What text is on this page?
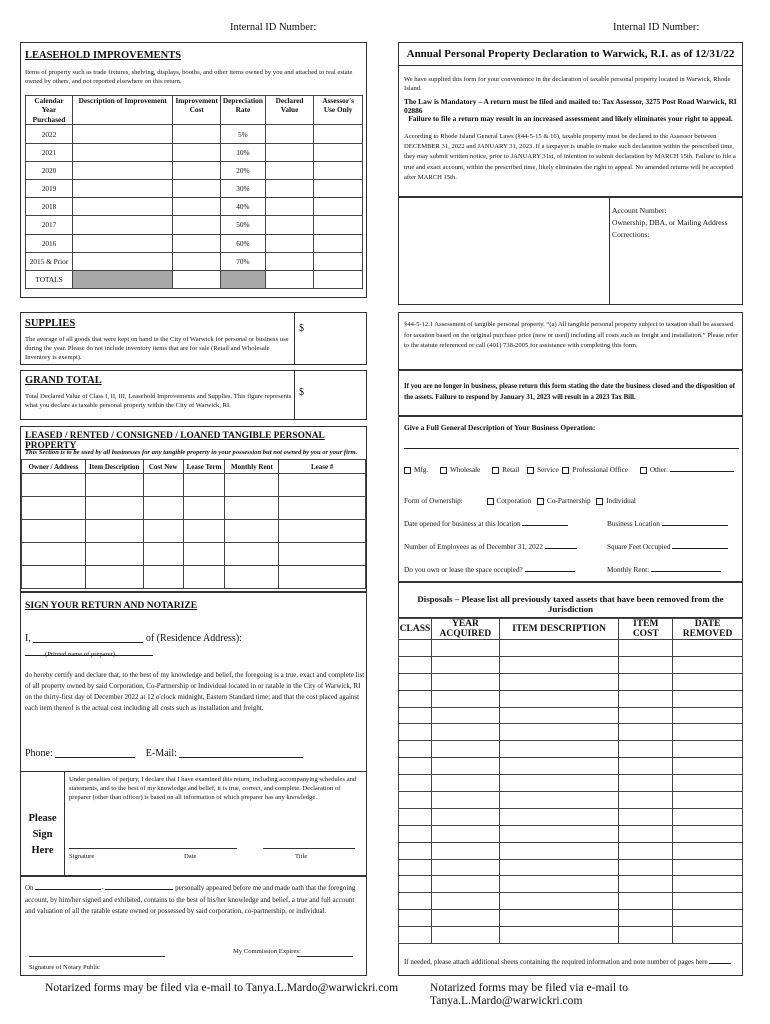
Internal ID Number:	Internal ID Number:
LEASEHOLD IMPROVEMENTS
Items of property such as trade fixtures, shelving, displays, booths, and other items owned by you and attached to real estate owned by others, and not reported elsewhere on this return.
Calendar Year Purchased	Description of Improvement	Improvement Cost	Depreciation Rate	Declared Value	Assessor's Use Only
2022			5%		
2021			10%		
2020			20%		
2019			30%		
2018			40%		
2017			50%		
2016			60%		
2015 & Prior			70%		
TOTALS					
SUPPLIES
The average of all goods that were kept on hand in the City of Warwick for personal or business use during the year. Please do not include inventory items that are for sale (Retail and Wholesale Inventory is exempt).
$
GRAND TOTAL
Total Declared Value of Class I, II, III, Leasehold Improvements and Supplies. This figure represents what you declare as taxable personal property within the City of Warwick, RI.
$
LEASED / RENTED / CONSIGNED / LOANED TANGIBLE PERSONAL PROPERTY
This Section is to be used by all businesses for any tangible property in your possession but not owned by you or your firm.
Owner / Address	Item Description	Cost New	Lease Term	Monthly Rent	Lease #

SIGN YOUR RETURN AND NOTARIZE
I,	of (Residence Address):
(Printed name of preparer)
do hereby certify and declare that, to the best of my knowledge and belief, the foregoing is a true, exact and complete list of all property owned by said Corporation, Co-Partnership or Individual located in or ratable in the City of Warwick, RI on the thirty-first day of December 2022 at 12 o'clock midnight, Eastern Standard time; and that the cost placed against each item thereof is the actual cost including all costs such as installation and freight.
Phone:	E-Mail:
Please
Sign
Here
Under penalties of perjury, I declare that I have examined this return, including accompanying schedules and statements, and to the best of my knowledge and belief, it is true, correct, and complete. Declaration of preparer (other than officer) is based on all information of which preparer has any knowledge.
Signature	Date	Title
On	-	personally appeared before me and made oath that the foregoing account, by him/her signed and exhibited, contains to the best of his/her knowledge and belief, a true and full account and valuation of all the ratable estate owned or possessed by said corporation, co-partnership, or individual.
My Commission Expires:
Signature of Notary Public
Notarized forms may be filed via e-mail to Tanya.L.Mardo@warwickri.com
Annual Personal Property Declaration to Warwick, R.I. as of 12/31/22
We have supplied this form for your convenience in the declaration of taxable personal property located in Warwick, Rhode Island.
The Law is Mandatory – A return must be filed and mailed to: Tax Assessor, 3275 Post Road Warwick, RI 02886
Failure to file a return may result in an increased assessment and likely eliminates your right to appeal.
According to Rhode Island General Laws (§44-5-15 & 16), taxable property must be declared to the Assessor between DECEMBER 31, 2022 and JANUARY 31, 2023. If a taxpayer is unable to make such declaration within the prescribed time, they may submit written notice, prior to JANUARY 31st, of intention to submit declaration by MARCH 15th. Failure to file a true and exact account, within the prescribed time, likely eliminates the right to appeal. No amended returns will be accepted after MARCH 15th.
Account Number:
Ownership, DBA, or Mailing Address
Corrections:
§44-5-12.1 Assessment of tangible personal property. “(a) All tangible personal property subject to taxation shall be assessed for taxation based on the original purchase price (new or used) including all costs such as freight and installation.” Please refer to the statute referenced or call (401) 738-2005 for assistance with completing this form.
If you are no longer in business, please return this form stating the date the business closed and the disposition of the assets. Failure to respond by January 31, 2023 will result in a 2023 Tax Bill.
Give a Full General Description of Your Business Operation:
Mfg.	Wholesale	Retail Service Professional Office	Other:
Form of Ownership:	Corporation Co-Partnership Individual
Date opened for business at this location	Business Location
Number of Employees as of December 31, 2022	Square Feet Occupied
Do you own or lease the space occupied?	Monthly Rent:
Disposals – Please list all previously taxed assets that have been removed from the Jurisdiction
CLASS	YEAR ACQUIRED	ITEM DESCRIPTION	ITEM COST	DATE REMOVED

If needed, please attach additional sheets containing the required information and note number of pages here
Notarized forms may be filed via e-mail to Tanya.L.Mardo@warwickri.com
